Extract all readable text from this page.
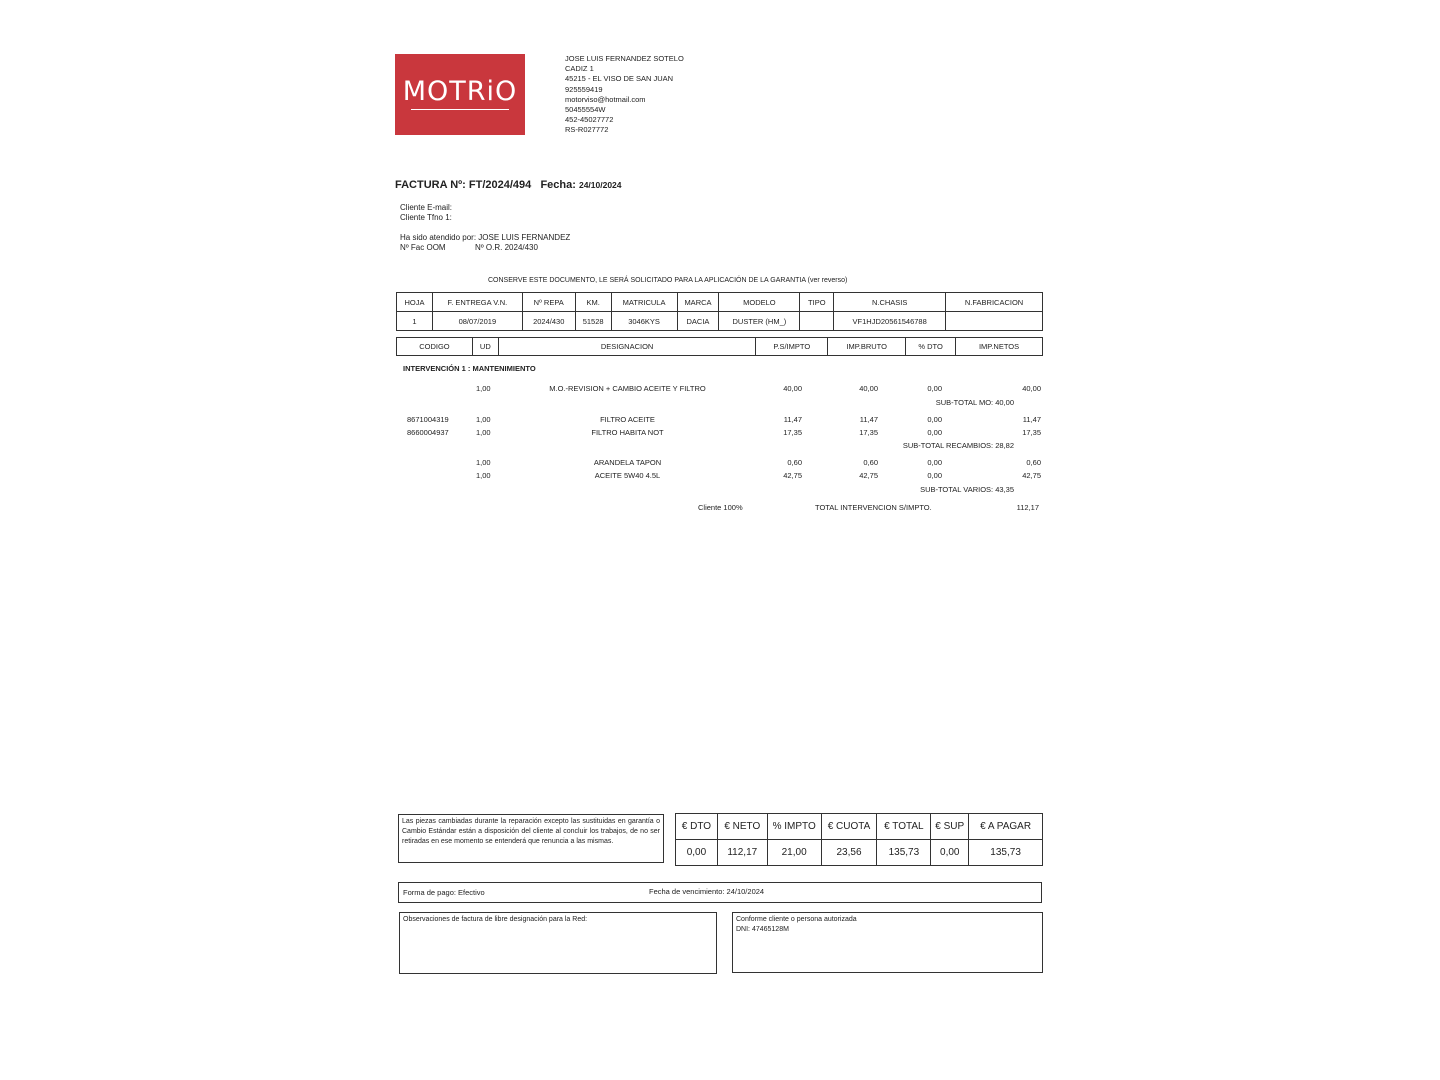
MOTRiO
JOSE LUIS FERNANDEZ SOTELO
CADIZ 1
45215 - EL VISO DE SAN JUAN
925559419
motorviso@hotmail.com
50455554W
452-45027772
RS-R027772
FACTURA Nº: FT/2024/494 Fecha: 24/10/2024
Cliente E-mail:
Cliente Tfno 1:
Ha sido atendido por: JOSE LUIS FERNANDEZ
Nº Fac OOM	Nº O.R. 2024/430
CONSERVE ESTE DOCUMENTO, LE SERÁ SOLICITADO PARA LA APLICACIÓN DE LA GARANTIA (ver reverso)
HOJA	F. ENTREGA V.N.	Nº REPA	KM.	MATRICULA	MARCA	MODELO	TIPO	N.CHASIS	N.FABRICACION
1	08/07/2019	2024/430	51528	3046KYS	DACIA	DUSTER (HM_)		VF1HJD20561546788	
CODIGO	UD	DESIGNACION	P.S/IMPTO	IMP.BRUTO	% DTO	IMP.NETOS
INTERVENCIÓN 1 : MANTENIMIENTO
1,00	M.O.-REVISION + CAMBIO ACEITE Y FILTRO	40,00	40,00	0,00	40,00
SUB-TOTAL MO: 40,00
8671004319	1,00	FILTRO ACEITE	11,47	11,47	0,00	11,47
8660004937	1,00	FILTRO HABITA NOT	17,35	17,35	0,00	17,35
SUB-TOTAL RECAMBIOS: 28,82
1,00	ARANDELA TAPON	0,60	0,60	0,00	0,60
1,00	ACEITE 5W40 4.5L	42,75	42,75	0,00	42,75
SUB-TOTAL VARIOS: 43,35
Cliente 100%	TOTAL INTERVENCION S/IMPTO.	112,17
Las piezas cambiadas durante la reparación excepto las sustituidas en garantía o Cambio Estándar están a disposición del cliente al concluir los trabajos, de no ser retiradas en ese momento se entenderá que renuncia a las mismas.
€ DTO	€ NETO	% IMPTO	€ CUOTA	€ TOTAL	€ SUP	€ A PAGAR
0,00	112,17	21,00	23,56	135,73	0,00	135,73
Forma de pago: Efectivo	Fecha de vencimiento: 24/10/2024
Observaciones de factura de libre designación para la Red:	Conforme cliente o persona autorizada
DNI: 47465128M
